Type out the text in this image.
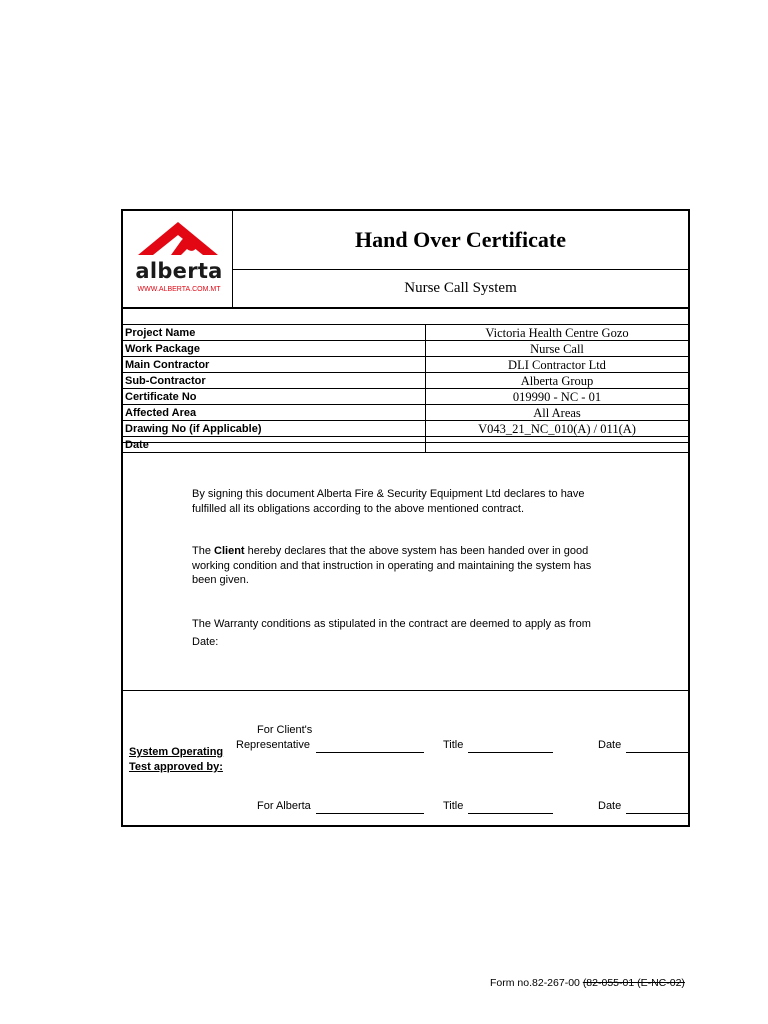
alberta
WWW.ALBERTA.COM.MT
Hand Over Certificate
Nurse Call System
Project Name	Victoria Health Centre Gozo
Work Package	Nurse Call
Main Contractor	DLI Contractor Ltd
Sub-Contractor	Alberta Group
Certificate No	019990 - NC - 01
Affected Area	All Areas
Drawing No (if Applicable)	V043_21_NC_010(A) / 011(A)
Date	
By signing this document Alberta Fire & Security Equipment Ltd declares to have fulfilled all its obligations according to the above mentioned contract.
The Client hereby declares that the above system has been handed over in good working condition and that instruction in operating and maintaining the system has been given.
The Warranty conditions as stipulated in the contract are deemed to apply as from
Date:
System Operating
Test approved by:
For Client's
Representative	Title	Date
For Alberta	Title	Date
Form no.82-267-00 (82-055-01 (E-NC-02)
